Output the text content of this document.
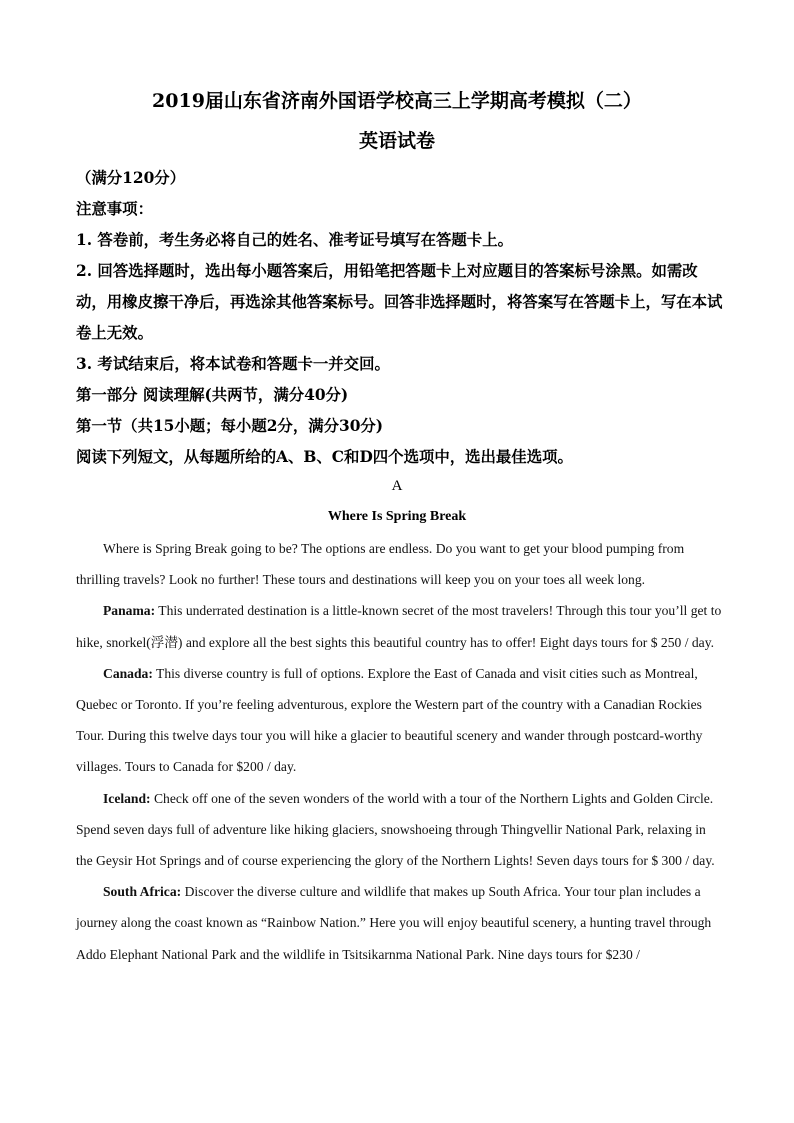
2019届山东省济南外国语学校高三上学期高考模拟（二）
英语试卷
（满分120分）
注意事项：
1. 答卷前，考生务必将自己的姓名、准考证号填写在答题卡上。
2. 回答选择题时，选出每小题答案后，用铅笔把答题卡上对应题目的答案标号涂黑。如需改动，用橡皮擦干净后，再选涂其他答案标号。回答非选择题时，将答案写在答题卡上，写在本试卷上无效。
3. 考试结束后，将本试卷和答题卡一并交回。
第一部分 阅读理解(共两节，满分40分)
第一节（共15小题；每小题2分，满分30分)
阅读下列短文，从每题所给的A、B、C和D四个选项中，选出最佳选项。
A
Where Is Spring Break

Where is Spring Break going to be? The options are endless. Do you want to get your blood pumping from thrilling travels? Look no further! These tours and destinations will keep you on your toes all week long.

Panama: This underrated destination is a little-known secret of the most travelers! Through this tour you’ll get to hike, snorkel(浮潜) and explore all the best sights this beautiful country has to offer! Eight days tours for $ 250 / day.

Canada: This diverse country is full of options. Explore the East of Canada and visit cities such as Montreal, Quebec or Toronto. If you’re feeling adventurous, explore the Western part of the country with a Canadian Rockies Tour. During this twelve days tour you will hike a glacier to beautiful scenery and wander through postcard-worthy villages. Tours to Canada for $200 / day.

Iceland: Check off one of the seven wonders of the world with a tour of the Northern Lights and Golden Circle. Spend seven days full of adventure like hiking glaciers, snowshoeing through Thingvellir National Park, relaxing in the Geysir Hot Springs and of course experiencing the glory of the Northern Lights! Seven days tours for $ 300 / day.

South Africa: Discover the diverse culture and wildlife that makes up South Africa. Your tour plan includes a journey along the coast known as “Rainbow Nation.” Here you will enjoy beautiful scenery, a hunting travel through Addo Elephant National Park and the wildlife in Tsitsikarnma National Park. Nine days tours for $230 /
